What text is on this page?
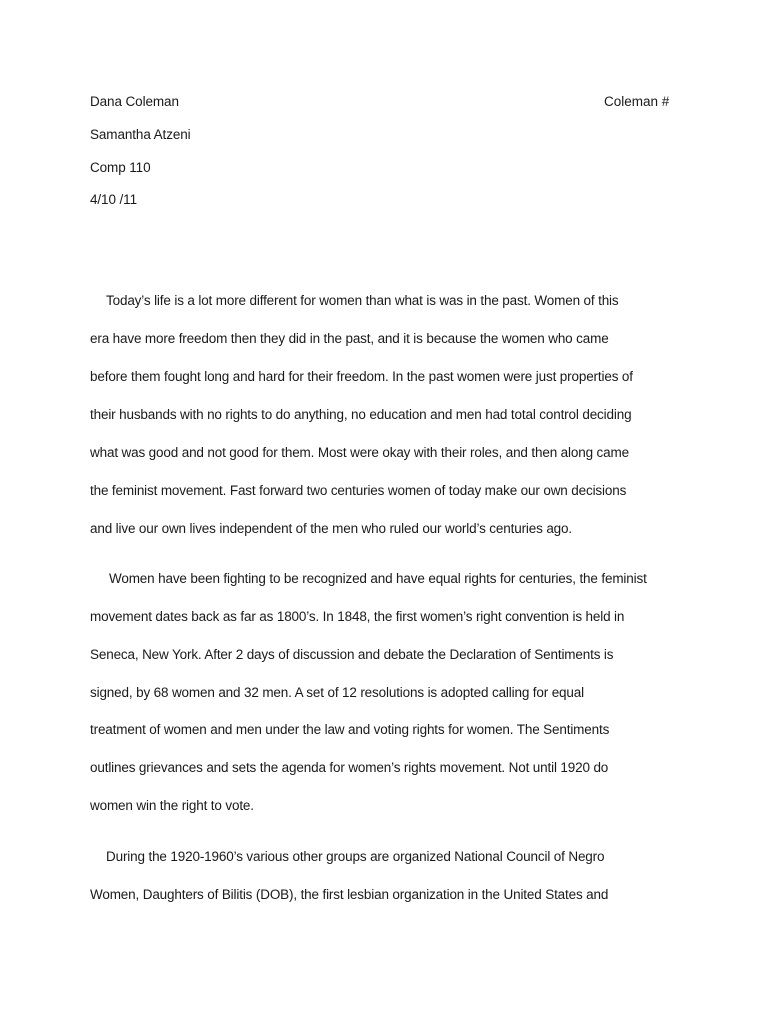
Dana Coleman	Coleman #
Samantha Atzeni
Comp 110
4/10 /11
Today’s life is a lot more different for women than what is was in the past. Women of this
era have more freedom then they did in the past, and it is because the women who came
before them fought long and hard for their freedom. In the past women were just properties of
their husbands with no rights to do anything, no education and men had total control deciding
what was good and not good for them. Most were okay with their roles, and then along came
the feminist movement. Fast forward two centuries women of today make our own decisions
and live our own lives independent of the men who ruled our world’s centuries ago.
Women have been fighting to be recognized and have equal rights for centuries, the feminist
movement dates back as far as 1800’s. In 1848, the first women’s right convention is held in
Seneca, New York. After 2 days of discussion and debate the Declaration of Sentiments is
signed, by 68 women and 32 men. A set of 12 resolutions is adopted calling for equal
treatment of women and men under the law and voting rights for women. The Sentiments
outlines grievances and sets the agenda for women’s rights movement. Not until 1920 do
women win the right to vote.
During the 1920-1960’s various other groups are organized National Council of Negro
Women, Daughters of Bilitis (DOB), the first lesbian organization in the United States and
